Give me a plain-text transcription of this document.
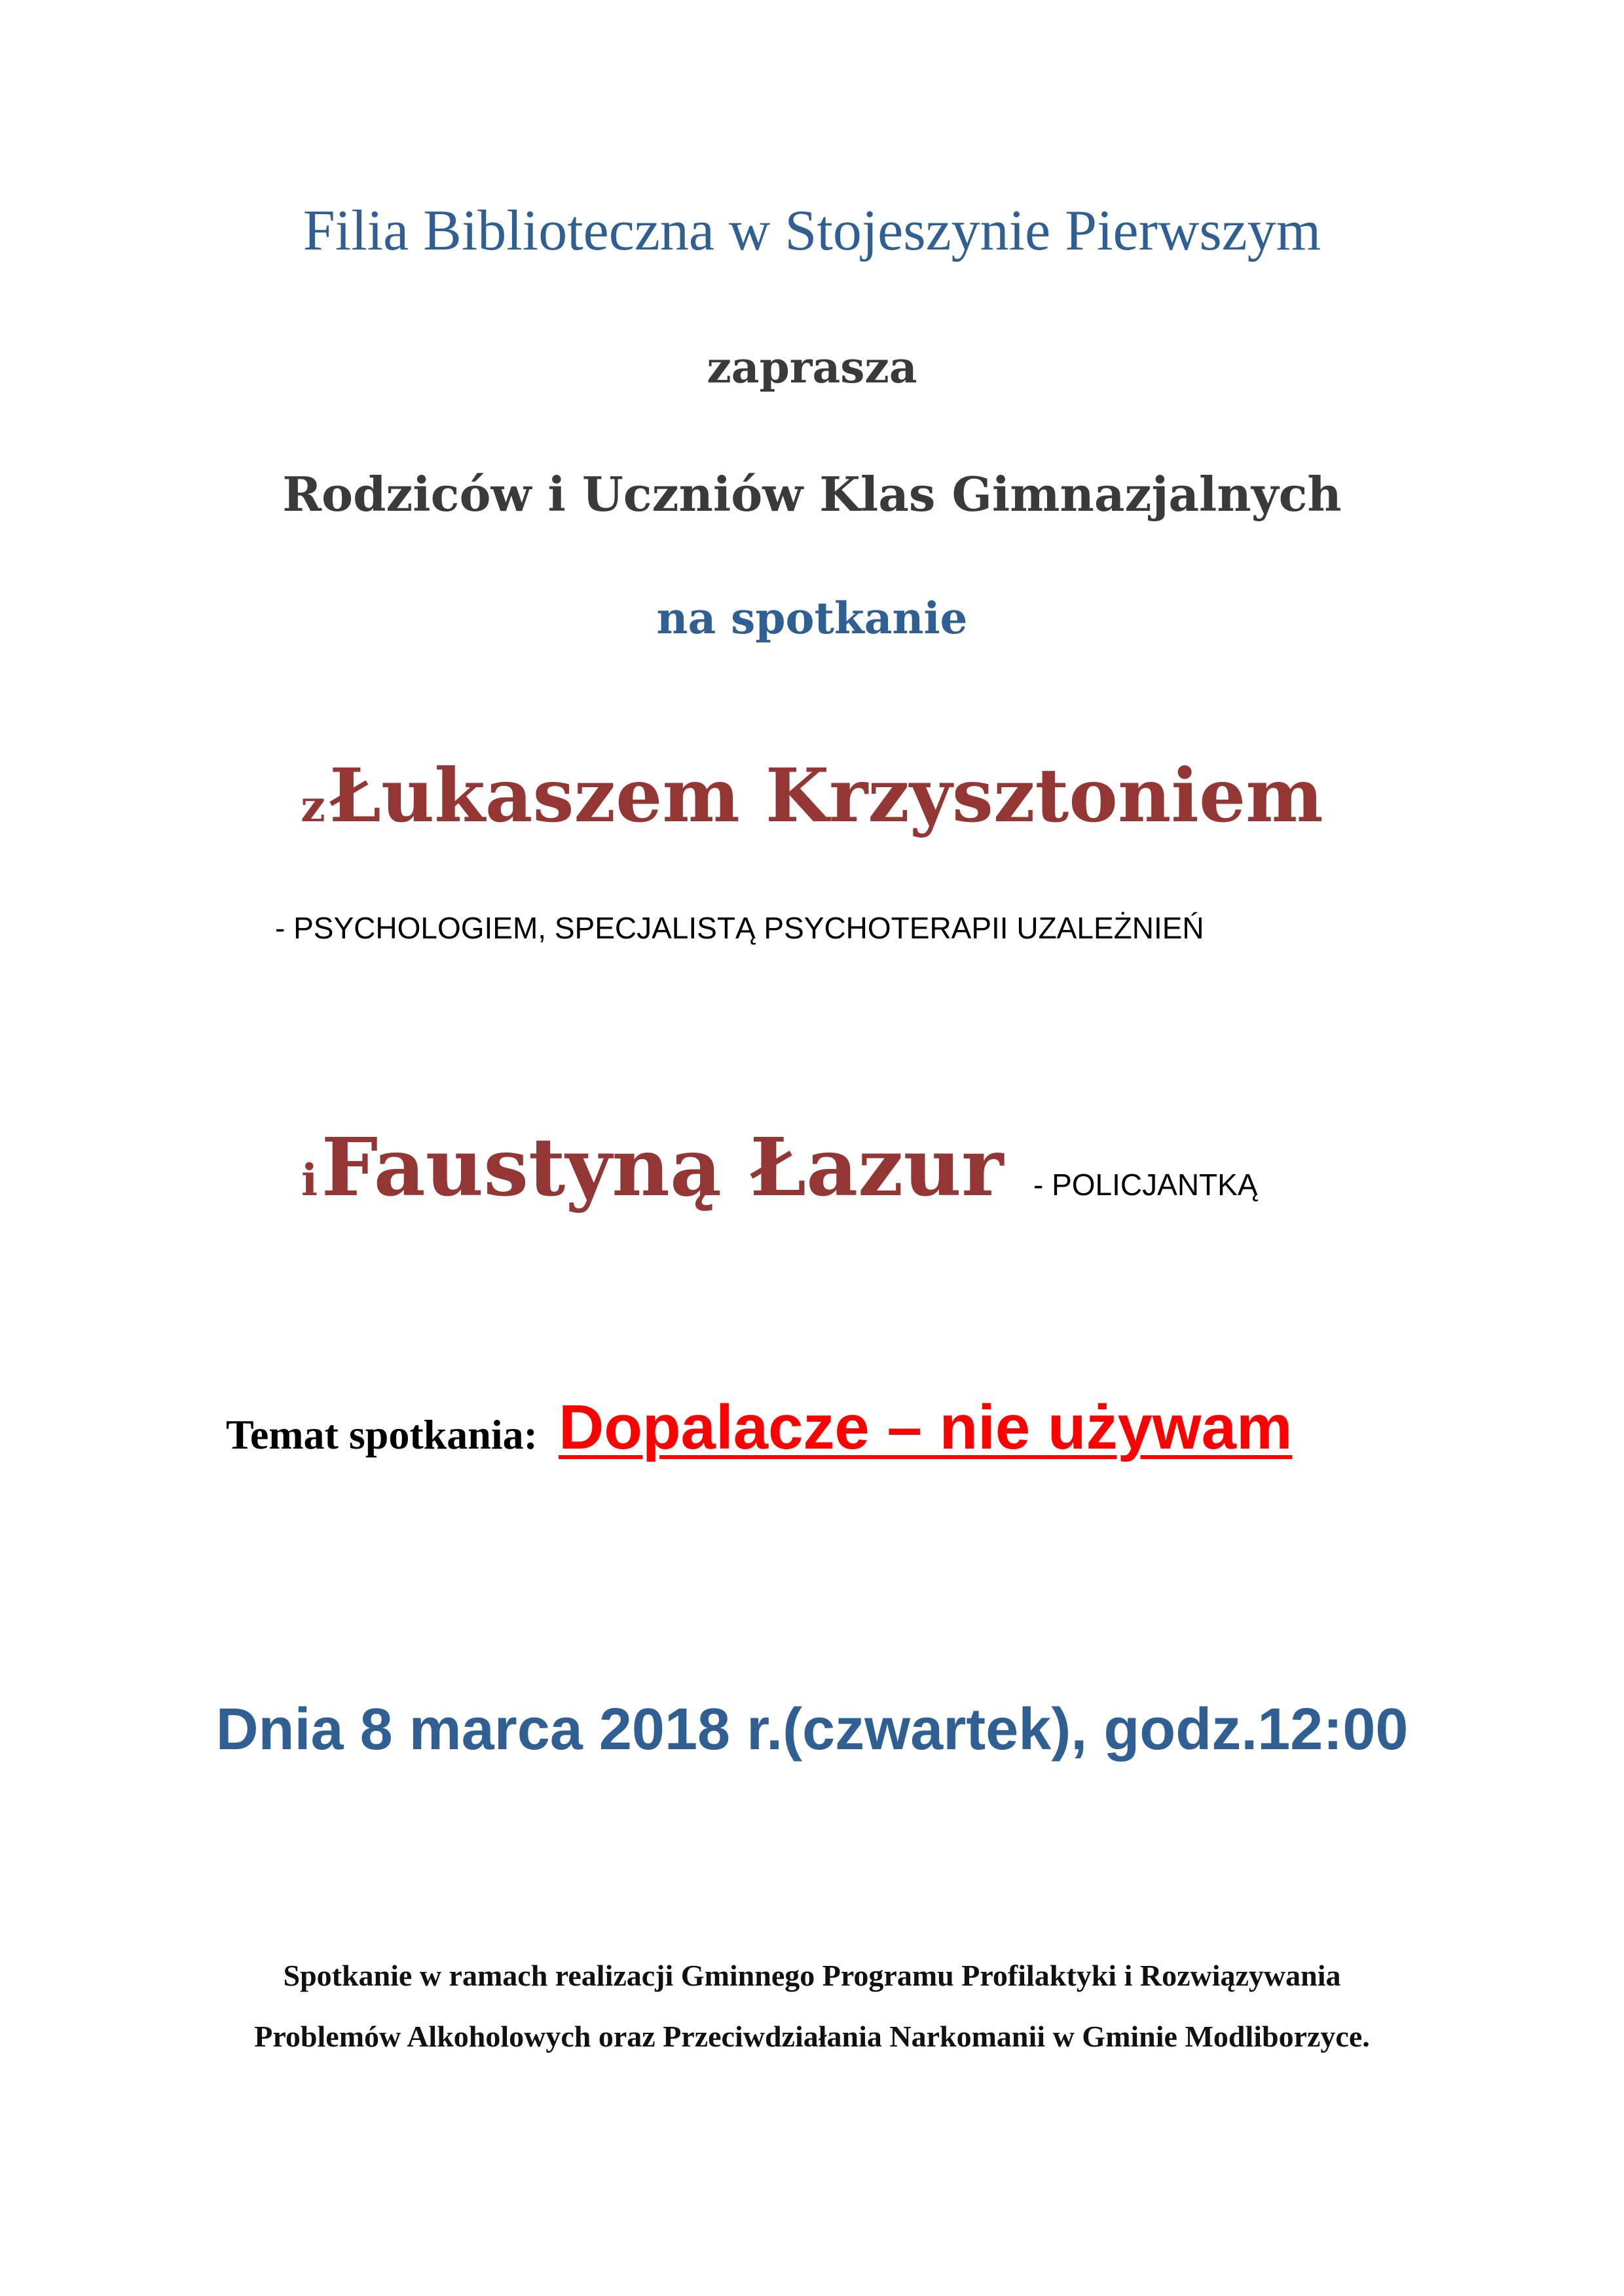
Filia Biblioteczna w Stojeszynie Pierwszym
zaprasza
Rodziców i Uczniów Klas Gimnazjalnych
na spotkanie
z Łukaszem Krzysztoniem
- PSYCHOLOGIEM, SPECJALISTĄ PSYCHOTERAPII UZALEŻNIEŃ
i Faustyną Łazur - POLICJANTKĄ
Temat spotkania: Dopalacze – nie używam
Dnia 8 marca 2018 r.(czwartek), godz.12:00
Spotkanie w ramach realizacji Gminnego Programu Profilaktyki i Rozwiązywania
Problemów Alkoholowych oraz Przeciwdziałania Narkomanii w Gminie Modliborzyce.
